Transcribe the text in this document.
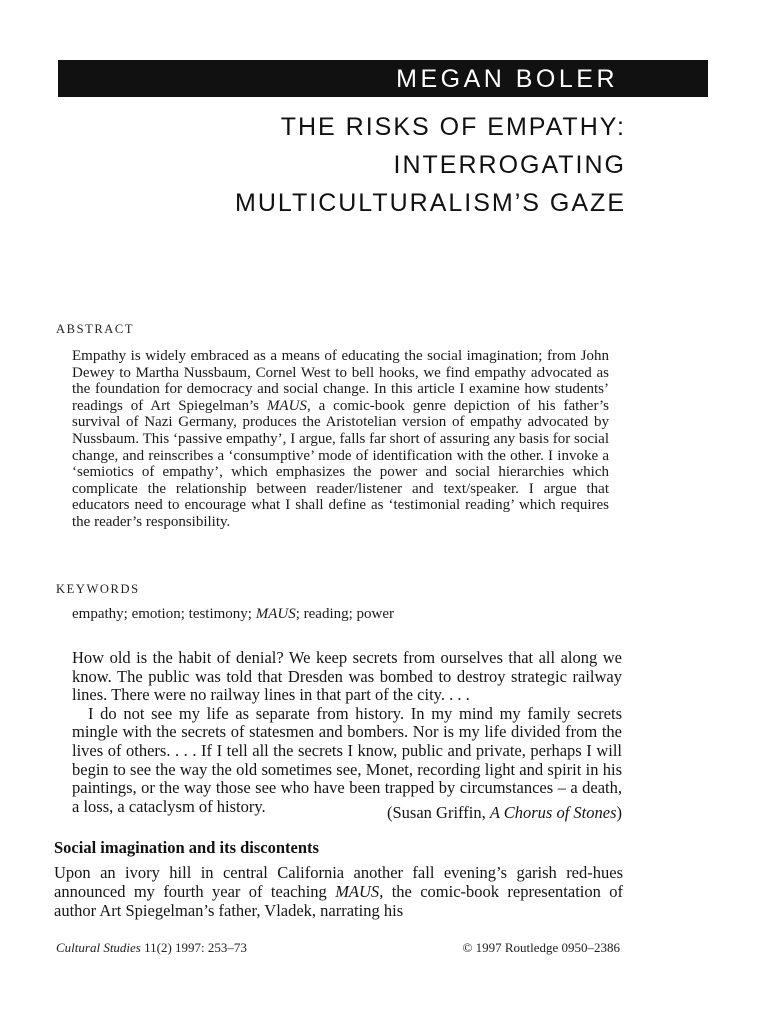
MEGAN BOLER
THE RISKS OF EMPATHY:
INTERROGATING
MULTICULTURALISM’S GAZE
ABSTRACT
Empathy is widely embraced as a means of educating the social imagination; from John Dewey to Martha Nussbaum, Cornel West to bell hooks, we find empathy advocated as the foundation for democracy and social change. In this article I examine how students’ readings of Art Spiegelman’s MAUS, a comic-book genre depiction of his father’s survival of Nazi Germany, produces the Aristotelian version of empathy advocated by Nussbaum. This ‘passive empathy’, I argue, falls far short of assuring any basis for social change, and reinscribes a ‘consumptive’ mode of identification with the other. I invoke a ‘semiotics of empathy’, which emphasizes the power and social hierarchies which complicate the relationship between reader/listener and text/speaker. I argue that educators need to encourage what I shall define as ‘testimonial reading’ which requires the reader’s responsibility.
KEYWORDS
empathy; emotion; testimony; MAUS; reading; power

How old is the habit of denial? We keep secrets from ourselves that all along we know. The public was told that Dresden was bombed to destroy strategic railway lines. There were no railway lines in that part of the city. . . .

I do not see my life as separate from history. In my mind my family secrets mingle with the secrets of statesmen and bombers. Nor is my life divided from the lives of others. . . . If I tell all the secrets I know, public and private, perhaps I will begin to see the way the old sometimes see, Monet, recording light and spirit in his paintings, or the way those see who have been trapped by circumstances – a death, a loss, a cataclysm of history.	(Susan Griffin, A Chorus of Stones)
Social imagination and its discontents
Upon an ivory hill in central California another fall evening’s garish red-hues announced my fourth year of teaching MAUS, the comic-book representation of author Art Spiegelman’s father, Vladek, narrating his
Cultural Studies 11(2) 1997: 253–73	© 1997 Routledge 0950–2386
